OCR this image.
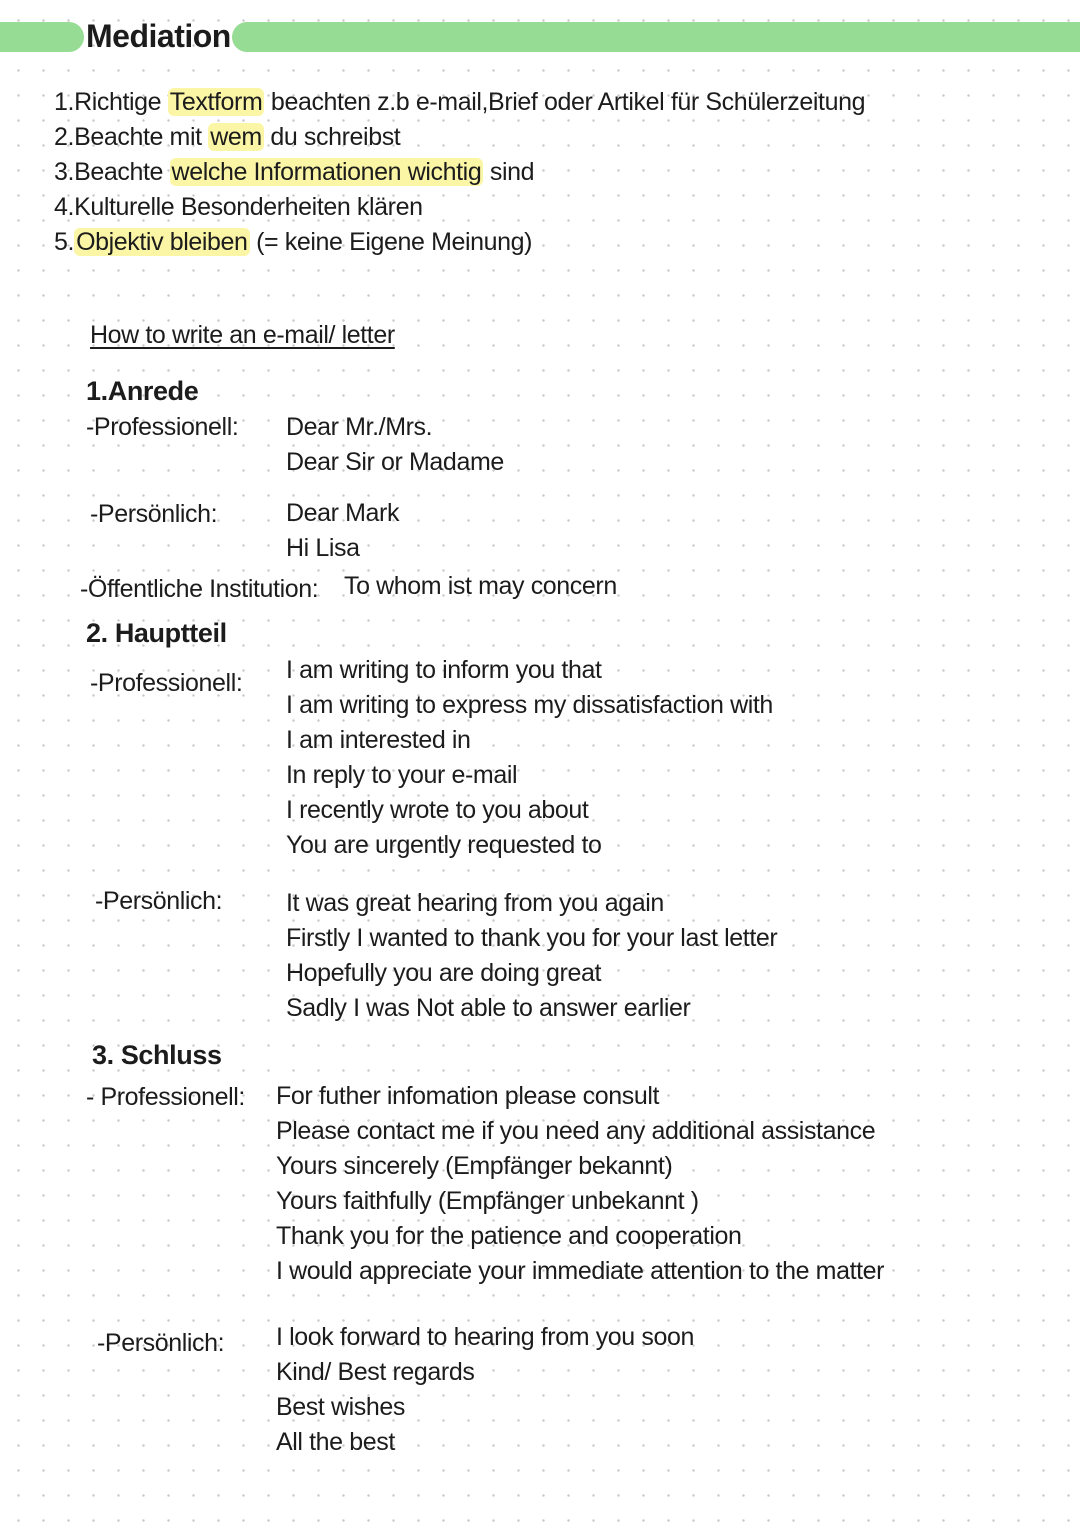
Mediation
1.Richtige Textform beachten z.b e-mail,Brief oder Artikel für Schülerzeitung
2.Beachte mit wem du schreibst
3.Beachte welche Informationen wichtig sind
4.Kulturelle Besonderheiten klären
5.Objektiv bleiben (= keine Eigene Meinung)
How to write an e-mail/ letter
1.Anrede
-Professionell: Dear Mr./Mrs.
Dear Sir or Madame
-Persönlich:	Dear Mark
Hi Lisa
-Öffentliche Institution: To whom ist may concern
2. Hauptteil
-Professionell: I am writing to inform you that
I am writing to express my dissatisfaction with
I am interested in
In reply to your e-mail
I recently wrote to you about
You are urgently requested to
-Persönlich:	It was great hearing from you again
Firstly I wanted to thank you for your last letter
Hopefully you are doing great
Sadly I was Not able to answer earlier
3. Schluss
- Professionell: For futher infomation please consult
Please contact me if you need any additional assistance
Yours sincerely (Empfänger bekannt)
Yours faithfully (Empfänger unbekannt )
Thank you for the patience and cooperation
I would appreciate your immediate attention to the matter
-Persönlich: I look forward to hearing from you soon
Kind/ Best regards
Best wishes
All the best
